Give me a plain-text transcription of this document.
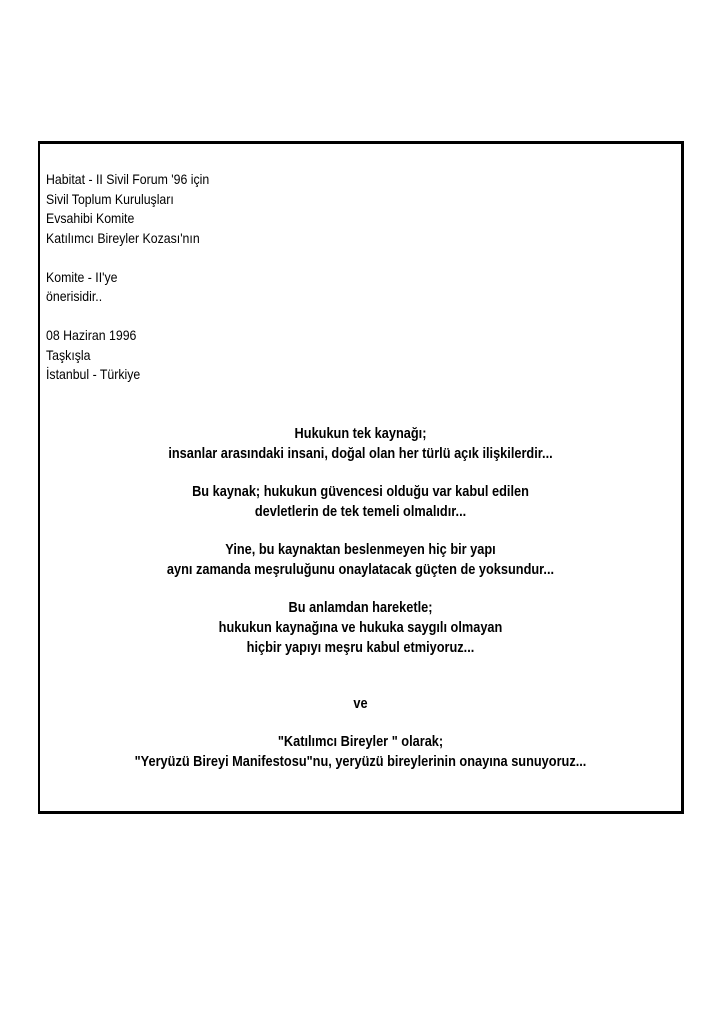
Habitat - II Sivil Forum '96 için
Sivil Toplum Kuruluşları
Evsahibi Komite
Katılımcı Bireyler Kozası'nın
Komite - II'ye
önerisidir..
08 Haziran 1996
Taşkışla
İstanbul - Türkiye
Hukukun tek kaynağı;
insanlar arasındaki insani, doğal olan her türlü açık ilişkilerdir...
Bu kaynak; hukukun güvencesi olduğu var kabul edilen
devletlerin de tek temeli olmalıdır...
Yine, bu kaynaktan beslenmeyen hiç bir yapı
aynı zamanda meşruluğunu onaylatacak güçten de yoksundur...
Bu anlamdan hareketle;
hukukun kaynağına ve hukuka saygılı olmayan
hiçbir yapıyı meşru kabul etmiyoruz...
ve
"Katılımcı Bireyler " olarak;
"Yeryüzü Bireyi Manifestosu"nu, yeryüzü bireylerinin onayına sunuyoruz...
